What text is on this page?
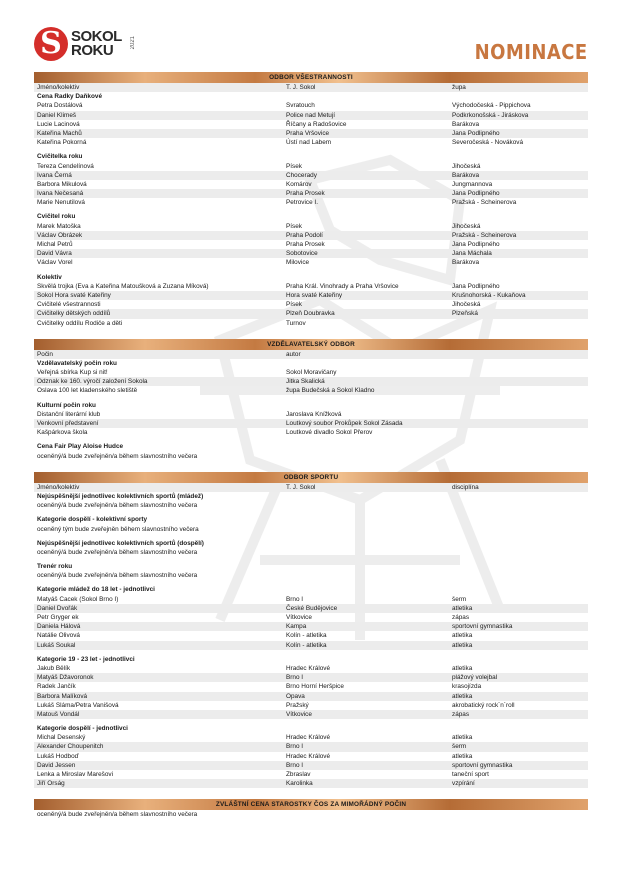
S SOKOL
ROKU	2021	NOMINACE
ODBOR VŠESTRANNOSTI
Jméno/kolektiv	T. J. Sokol	župa
Cena Radky Daňkové
Petra Dostálová	Svratouch	Východočeská - Pippichova
Daniel Klimeš	Police nad Metují	Podkrkonošská - Jiráskova
Lucie Lacinová	Říčany a Radošovice	Barákova
Kateřina Machů	Praha Vršovice	Jana Podlipného
Kateřina Pokorná	Ústí nad Labem	Severočeská - Nováková
Cvičitelka roku
Tereza Cendelínová	Písek	Jihočeská
Ivana Černá	Chocerady	Barákova
Barbora Mikulová	Komárov	Jungmannova
Ivana Nečesaná	Praha Prosek	Jana Podlipného
Marie Nenutilová	Petrovice I.	Pražská - Scheinerova
Cvičitel roku
Marek Matoška	Písek	Jihočeská
Václav Obrázek	Praha Podolí	Pražská - Scheinerova
Michal Petrů	Praha Prosek	Jana Podlipného
David Vávra	Sobotovice	Jana Máchala
Václav Vorel	Milovice	Barákova
Kolektiv
Skvělá trojka (Eva a Kateřina Matoušková a Zuzana Míková)	Praha Král. Vinohrady a Praha Vršovice	Jana Podlipného
Sokol Hora svaté Kateřiny	Hora svaté Kateřiny	Krušnohorská - Kukaňova
Cvičitelé všestrannosti	Písek	Jihočeská
Cvičitelky dětských oddílů	Plzeň Doubravka	Plzeňská
Cvičitelky oddílu Rodiče a děti	Turnov
VZDĚLAVATELSKÝ ODBOR
Počin	autor
Vzdělavatelský počin roku
Veřejná sbírka Kup si nit!	Sokol Moravičany
Odznak ke 160. výročí založení Sokola	Jitka Skalická
Oslava 100 let kladenského sletiště	župa Budečská a Sokol Kladno
Kulturní počin roku
Distanční literární klub	Jaroslava Knížková
Venkovní představení	Loutkový soubor Prokůpek Sokol Zásada
Kašpárkova škola	Loutkové divadlo Sokol Přerov
Cena Fair Play Aloise Hudce
oceněný/á bude zveřejněn/a během slavnostního večera
ODBOR SPORTU
Jméno/kolektiv	T. J. Sokol	disciplína
Nejúspěšnější jednotlivec kolektivních sportů (mládež)
oceněný/á bude zveřejněn/a během slavnostního večera
Kategorie dospělí - kolektivní sporty
oceněný tým bude zveřejněn během slavnostního večera
Nejúspěšnější jednotlivec kolektivních sportů (dospělí)
oceněný/á bude zveřejněn/a během slavnostního večera
Trenér roku
oceněný/á bude zveřejněn/a během slavnostního večera
Kategorie mládež do 18 let - jednotlivci
Matyáš Cacek (Sokol Brno I)	Brno I	šerm
Daniel Dvořák	České Budějovice	atletika
Petr Gryger ek	Vítkovice	zápas
Daniela Hálová	Kampa	sportovní gymnastika
Natálie Olivová	Kolín - atletika	atletika
Lukáš Soukal	Kolín - atletika	atletika
Kategorie 19 - 23 let - jednotlivci
Jakub Bělík	Hradec Králové	atletika
Matyáš Džavoronok	Brno I	plážový volejbal
Radek Jančík	Brno Horní Heršpice	krasojízda
Barbora Malíková	Opava	atletika
Lukáš Sláma/Petra Vanišová	Pražský	akrobatický rock´n´roll
Matouš Vondál	Vítkovice	zápas
Kategorie dospělí - jednotlivci
Michal Desenský	Hradec Králové	atletika
Alexander Choupenitch	Brno I	šerm
Lukáš Hodboď	Hradec Králové	atletika
David Jessen	Brno I	sportovní gymnastika
Lenka a Miroslav Marešovi	Zbraslav	taneční sport
Jiří Orság	Karolinka	vzpírání
ZVLÁŠTNÍ CENA STAROSTKY ČOS ZA MIMOŘÁDNÝ POČIN
oceněný/á bude zveřejněn/a během slavnostního večera
